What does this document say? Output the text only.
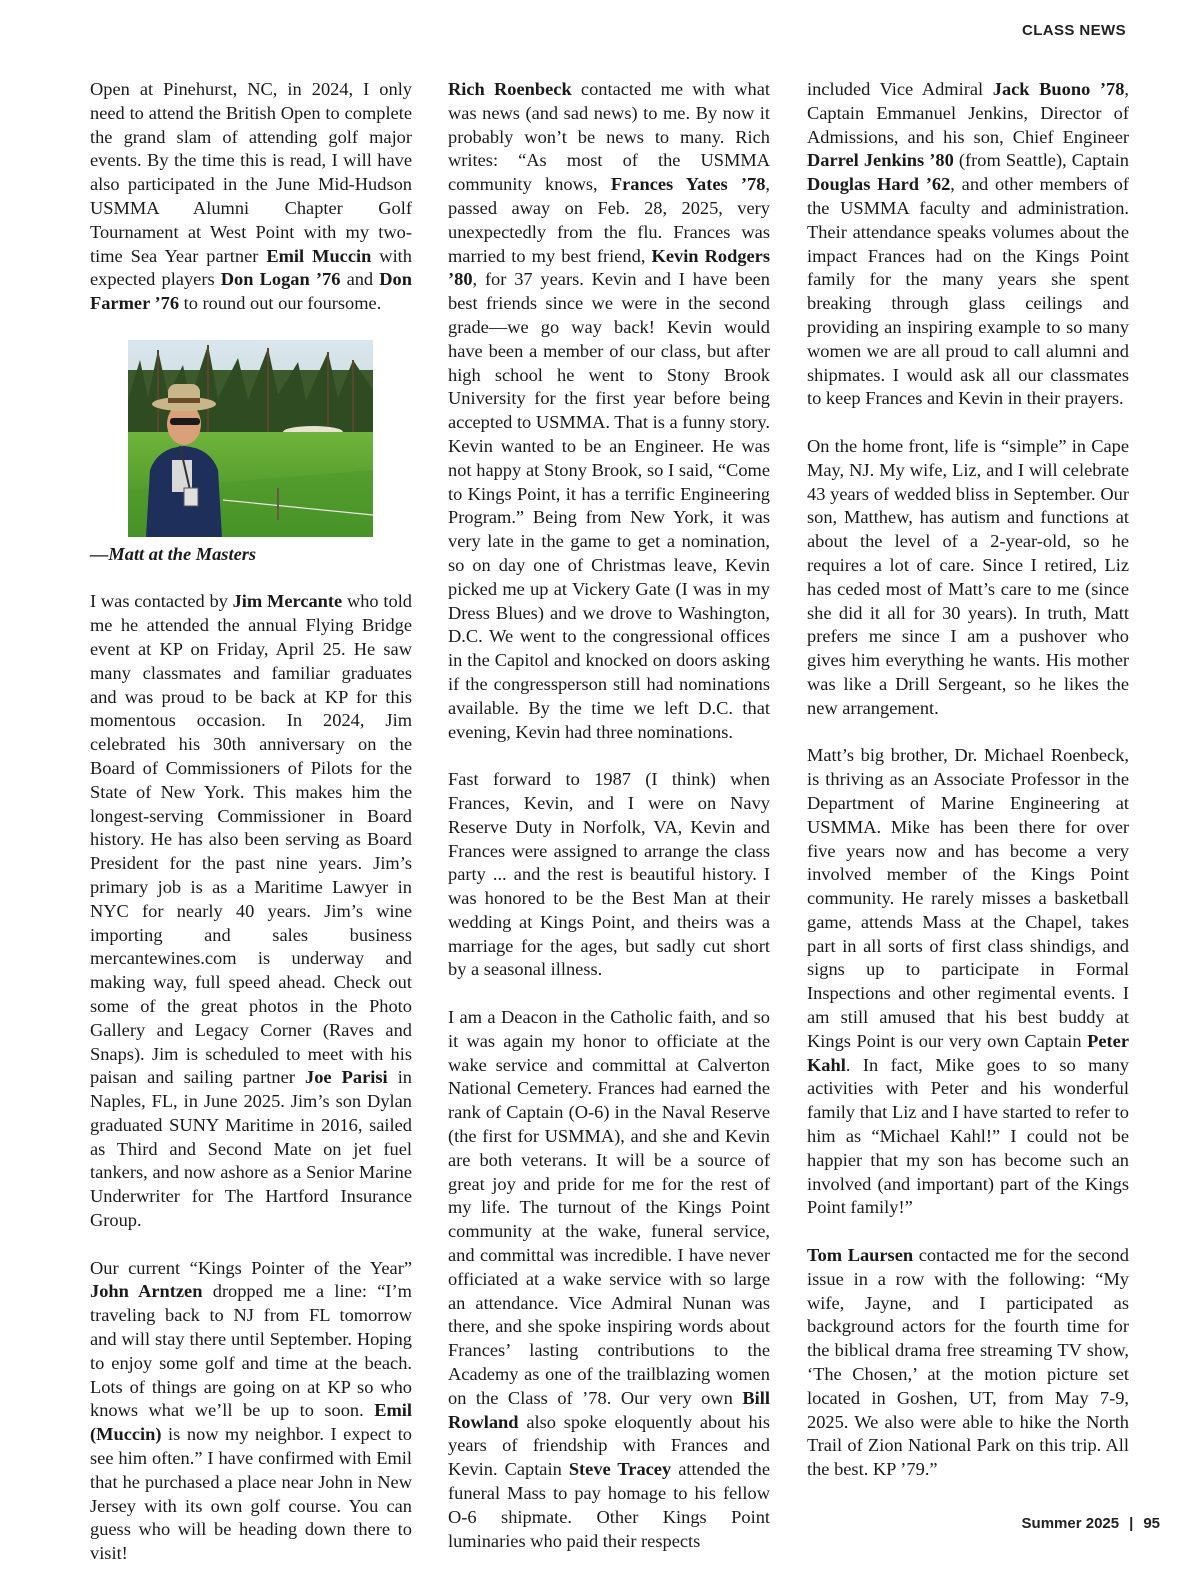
CLASS NEWS

Open at Pinehurst, NC, in 2024, I only need to attend the British Open to complete the grand slam of attending golf major events. By the time this is read, I will have also participated in the June Mid-Hudson USMMA Alumni Chapter Golf Tournament at West Point with my two-time Sea Year partner Emil Muccin with expected players Don Logan ’76 and Don Farmer ’76 to round out our foursome.

—Matt at the Masters

I was contacted by Jim Mercante who told me he attended the annual Flying Bridge event at KP on Friday, April 25. He saw many classmates and familiar graduates and was proud to be back at KP for this momentous occasion. In 2024, Jim celebrated his 30th anniversary on the Board of Commissioners of Pilots for the State of New York. This makes him the longest-serving Commissioner in Board history. He has also been serving as Board President for the past nine years. Jim’s primary job is as a Maritime Lawyer in NYC for nearly 40 years. Jim’s wine importing and sales business mercantewines.com is underway and making way, full speed ahead. Check out some of the great photos in the Photo Gallery and Legacy Corner (Raves and Snaps). Jim is scheduled to meet with his paisan and sailing partner Joe Parisi in Naples, FL, in June 2025. Jim’s son Dylan graduated SUNY Maritime in 2016, sailed as Third and Second Mate on jet fuel tankers, and now ashore as a Senior Marine Underwriter for The Hartford Insurance Group.

Our current “Kings Pointer of the Year” John Arntzen dropped me a line: “I’m traveling back to NJ from FL tomorrow and will stay there until September. Hoping to enjoy some golf and time at the beach. Lots of things are going on at KP so who knows what we’ll be up to soon. Emil (Muccin) is now my neighbor. I expect to see him often.” I have confirmed with Emil that he purchased a place near John in New Jersey with its own golf course. You can guess who will be heading down there to visit!

Rich Roenbeck contacted me with what was news (and sad news) to me. By now it probably won’t be news to many. Rich writes: “As most of the USMMA community knows, Frances Yates ’78, passed away on Feb. 28, 2025, very unexpectedly from the flu. Frances was married to my best friend, Kevin Rodgers ’80, for 37 years. Kevin and I have been best friends since we were in the second grade—we go way back! Kevin would have been a member of our class, but after high school he went to Stony Brook University for the first year before being accepted to USMMA. That is a funny story. Kevin wanted to be an Engineer. He was not happy at Stony Brook, so I said, “Come to Kings Point, it has a terrific Engineering Program.” Being from New York, it was very late in the game to get a nomination, so on day one of Christmas leave, Kevin picked me up at Vickery Gate (I was in my Dress Blues) and we drove to Washington, D.C. We went to the congressional offices in the Capitol and knocked on doors asking if the congressperson still had nominations available. By the time we left D.C. that evening, Kevin had three nominations.

Fast forward to 1987 (I think) when Frances, Kevin, and I were on Navy Reserve Duty in Norfolk, VA, Kevin and Frances were assigned to arrange the class party ... and the rest is beautiful history. I was honored to be the Best Man at their wedding at Kings Point, and theirs was a marriage for the ages, but sadly cut short by a seasonal illness.

I am a Deacon in the Catholic faith, and so it was again my honor to officiate at the wake service and committal at Calverton National Cemetery. Frances had earned the rank of Captain (O-6) in the Naval Reserve (the first for USMMA), and she and Kevin are both veterans. It will be a source of great joy and pride for me for the rest of my life. The turnout of the Kings Point community at the wake, funeral service, and committal was incredible. I have never officiated at a wake service with so large an attendance. Vice Admiral Nunan was there, and she spoke inspiring words about Frances’ lasting contributions to the Academy as one of the trailblazing women on the Class of ’78. Our very own Bill Rowland also spoke eloquently about his years of friendship with Frances and Kevin. Captain Steve Tracey attended the funeral Mass to pay homage to his fellow O-6 shipmate. Other Kings Point luminaries who paid their respects

included Vice Admiral Jack Buono ’78, Captain Emmanuel Jenkins, Director of Admissions, and his son, Chief Engineer Darrel Jenkins ’80 (from Seattle), Captain Douglas Hard ’62, and other members of the USMMA faculty and administration. Their attendance speaks volumes about the impact Frances had on the Kings Point family for the many years she spent breaking through glass ceilings and providing an inspiring example to so many women we are all proud to call alumni and shipmates. I would ask all our classmates to keep Frances and Kevin in their prayers.

On the home front, life is “simple” in Cape May, NJ. My wife, Liz, and I will celebrate 43 years of wedded bliss in September. Our son, Matthew, has autism and functions at about the level of a 2-year-old, so he requires a lot of care. Since I retired, Liz has ceded most of Matt’s care to me (since she did it all for 30 years). In truth, Matt prefers me since I am a pushover who gives him everything he wants. His mother was like a Drill Sergeant, so he likes the new arrangement.

Matt’s big brother, Dr. Michael Roenbeck, is thriving as an Associate Professor in the Department of Marine Engineering at USMMA. Mike has been there for over five years now and has become a very involved member of the Kings Point community. He rarely misses a basketball game, attends Mass at the Chapel, takes part in all sorts of first class shindigs, and signs up to participate in Formal Inspections and other regimental events. I am still amused that his best buddy at Kings Point is our very own Captain Peter Kahl. In fact, Mike goes to so many activities with Peter and his wonderful family that Liz and I have started to refer to him as “Michael Kahl!” I could not be happier that my son has become such an involved (and important) part of the Kings Point family!”

Tom Laursen contacted me for the second issue in a row with the following: “My wife, Jayne, and I participated as background actors for the fourth time for the biblical drama free streaming TV show, ‘The Chosen,’ at the motion picture set located in Goshen, UT, from May 7-9, 2025. We also were able to hike the North Trail of Zion National Park on this trip. All the best. KP ’79.”

Summer 2025 | 95
